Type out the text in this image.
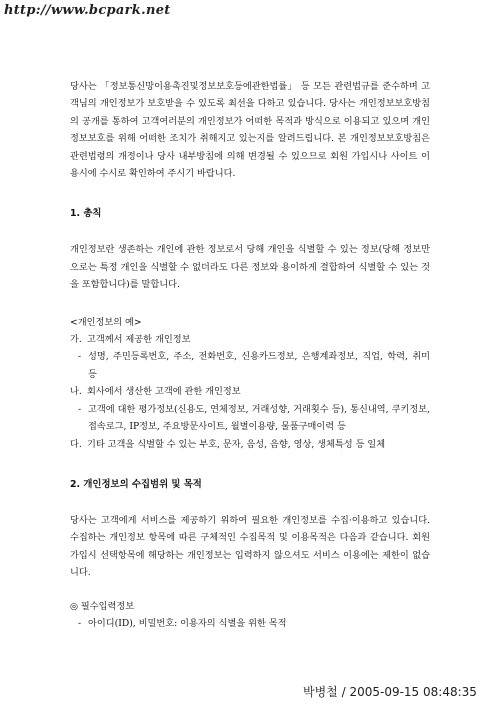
http://www.bcpark.net

당사는 「정보통신망이용촉진및정보보호등에관한법률」 등 모든 관련법규를 준수하며 고객님의 개인정보가 보호받을 수 있도록 최선을 다하고 있습니다. 당사는 개인정보보호방침의 공개를 통하여 고객여러분의 개인정보가 어떠한 목적과 방식으로 이용되고 있으며 개인정보보호를 위해 어떠한 조치가 취해지고 있는지를 알려드립니다. 본 개인정보보호방침은 관련법령의 개정이나 당사 내부방침에 의해 변경될 수 있으므로 회원 가입시나 사이트 이용시에 수시로 확인하여 주시기 바랍니다.

1. 총칙

개인정보란 생존하는 개인에 관한 정보로서 당해 개인을 식별할 수 있는 정보(당해 정보만으로는 특정 개인을 식별할 수 없더라도 다른 정보와 용이하게 결합하여 식별할 수 있는 것을 포함합니다)를 말합니다.

<개인정보의 예>
가. 고객께서 제공한 개인정보
- 성명, 주민등록번호, 주소, 전화번호, 신용카드정보, 은행계좌정보, 직업, 학력, 취미 등
나. 회사에서 생산한 고객에 관한 개인정보
- 고객에 대한 평가정보(신용도, 연체정보, 거래성향, 거래횟수 등), 통신내역, 쿠키정보, 접속로그, IP정보, 주요방문사이트, 월별이용량, 물품구매이력 등
다. 기타 고객을 식별할 수 있는 부호, 문자, 음성, 음향, 영상, 생체특성 등 일체
2. 개인정보의 수집범위 및 목적

당사는 고객에게 서비스를 제공하기 위하여 필요한 개인정보를 수집·이용하고 있습니다. 수집하는 개인정보 항목에 따른 구체적인 수집목적 및 이용목적은 다음과 같습니다. 회원가입시 선택항목에 해당하는 개인정보는 입력하지 않으셔도 서비스 이용에는 제한이 없습니다.

◎ 필수입력정보
- 아이디(ID), 비밀번호: 이용자의 식별을 위한 목적
박병철 / 2005-09-15 08:48:35
